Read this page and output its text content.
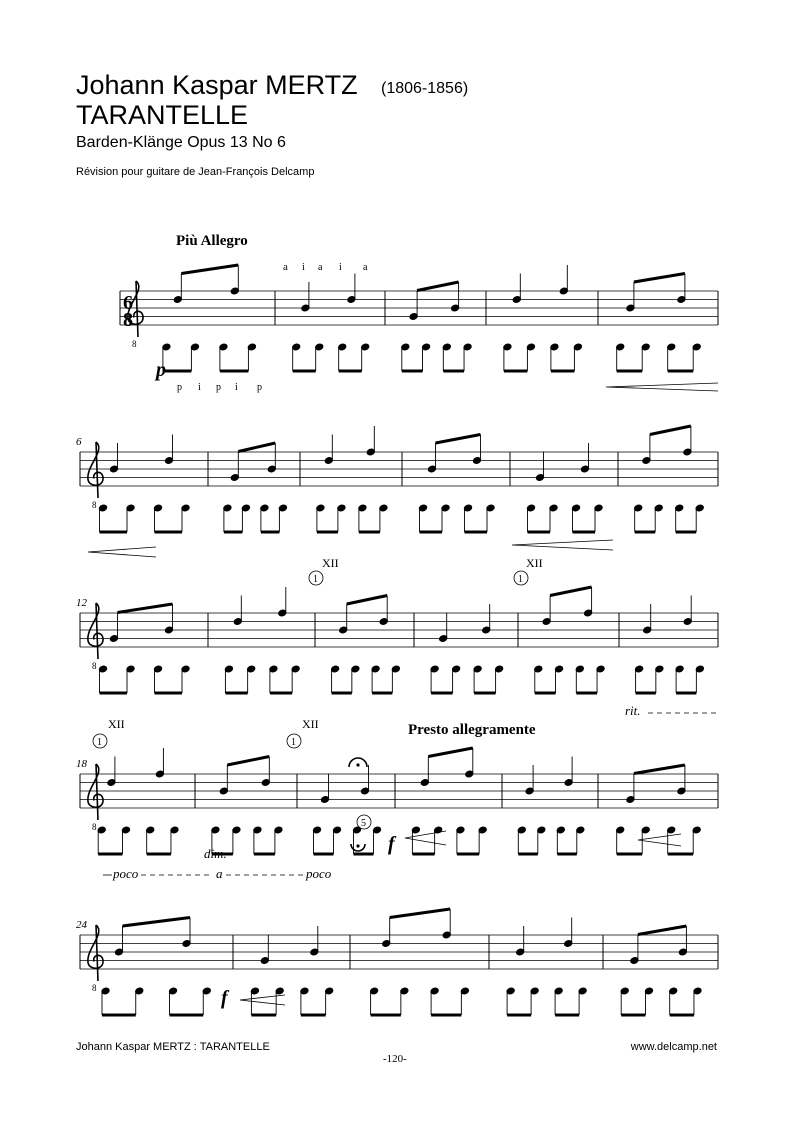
Johann Kaspar MERTZ (1806-1856)
TARANTELLE
Barden-Klänge Opus 13 No 6
Révision pour guitare de Jean-François Delcamp
Più Allegro
Presto allegramente
8
8
8
8
8
6
8
a i a i a
p i p i p
p
f
f
6
12
18
24
XII	XII
XII	XII
1	1
1	1
5
rit.
poco
dim.
a	poco
Johann Kaspar MERTZ : TARANTELLE	www.delcamp.net
-120-
